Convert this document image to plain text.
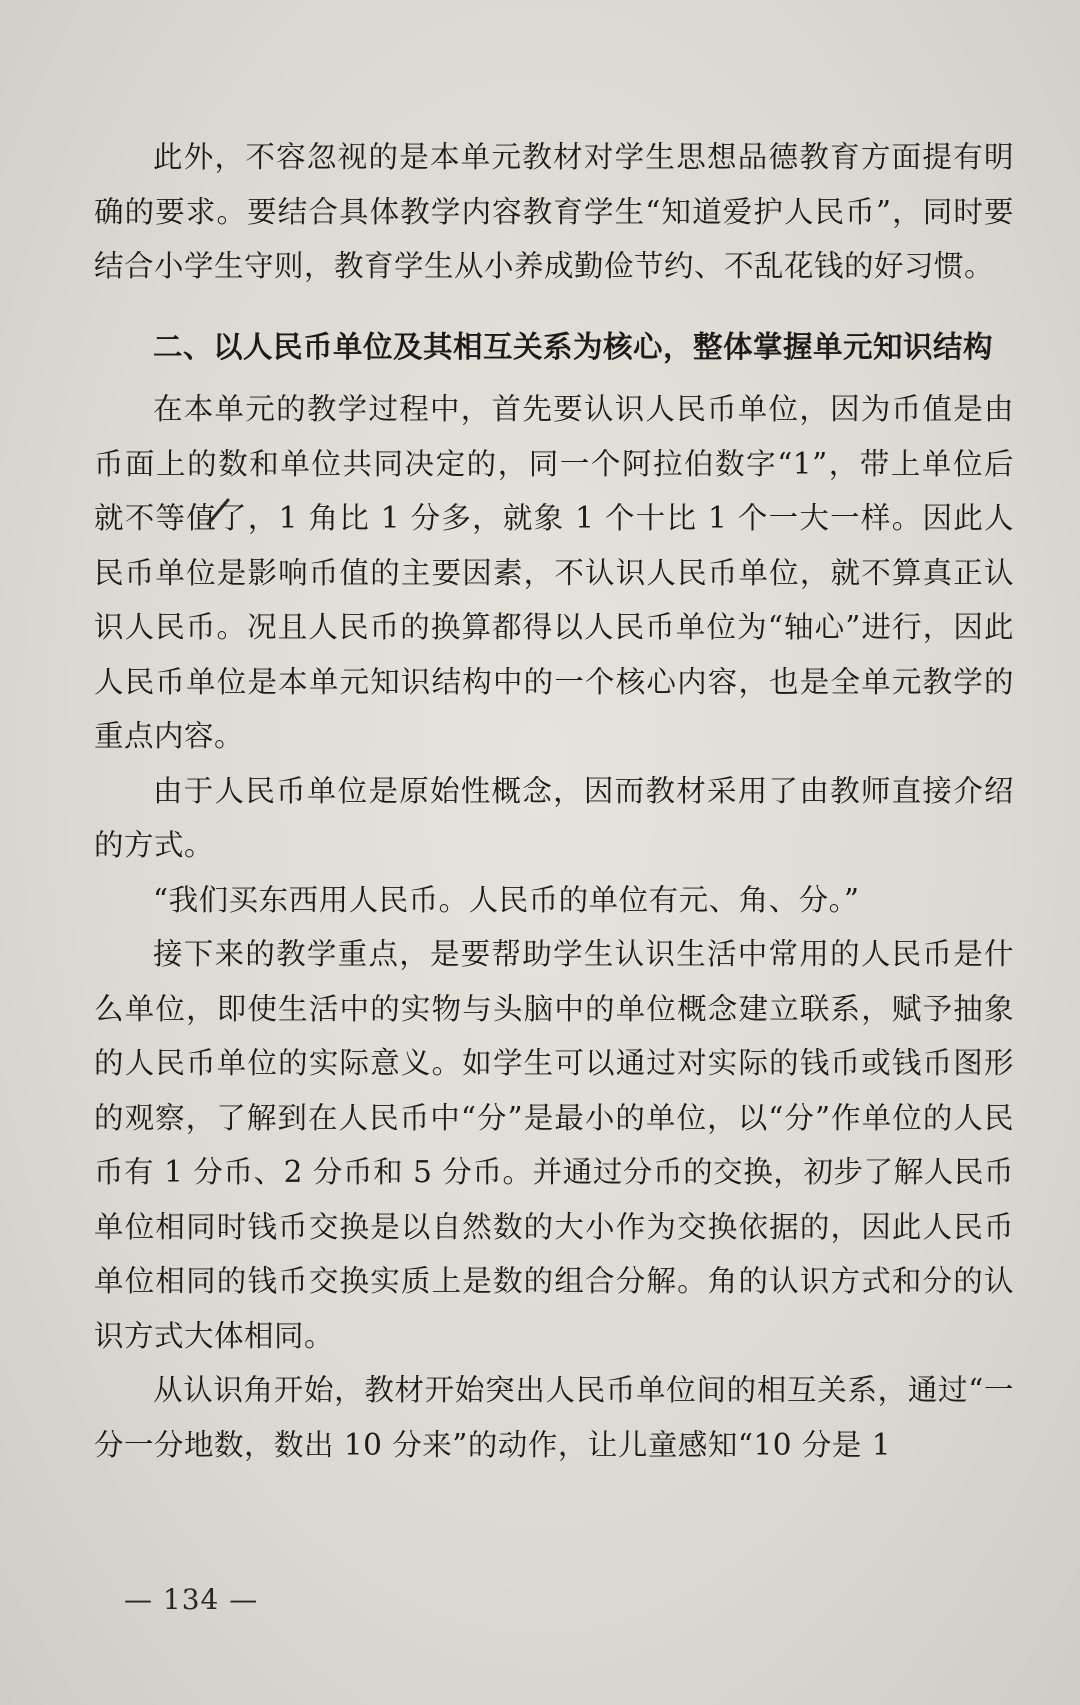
此外，不容忽视的是本单元教材对学生思想品德教育方面提有明确的要求。要结合具体教学内容教育学生“知道爱护人民币”，同时要结合小学生守则，教育学生从小养成勤俭节约、不乱花钱的好习惯。

二、以人民币单位及其相互关系为核心，整体掌握单元知识结构

在本单元的教学过程中，首先要认识人民币单位，因为币值是由币面上的数和单位共同决定的，同一个阿拉伯数字“1”，带上单位后就不等值了，1 角比 1 分多，就象 1 个十比 1 个一大一样。因此人民币单位是影响币值的主要因素，不认识人民币单位，就不算真正认识人民币。况且人民币的换算都得以人民币单位为“轴心”进行，因此人民币单位是本单元知识结构中的一个核心内容，也是全单元教学的重点内容。

由于人民币单位是原始性概念，因而教材采用了由教师直接介绍的方式。

“我们买东西用人民币。人民币的单位有元、角、分。”

接下来的教学重点，是要帮助学生认识生活中常用的人民币是什么单位，即使生活中的实物与头脑中的单位概念建立联系，赋予抽象的人民币单位的实际意义。如学生可以通过对实际的钱币或钱币图形的观察，了解到在人民币中“分”是最小的单位，以“分”作单位的人民币有 1 分币、2 分币和 5 分币。并通过分币的交换，初步了解人民币单位相同时钱币交换是以自然数的大小作为交换依据的，因此人民币单位相同的钱币交换实质上是数的组合分解。角的认识方式和分的认识方式大体相同。

从认识角开始，教材开始突出人民币单位间的相互关系，通过“一分一分地数，数出 10 分来”的动作，让儿童感知“10 分是 1

— 134 —
